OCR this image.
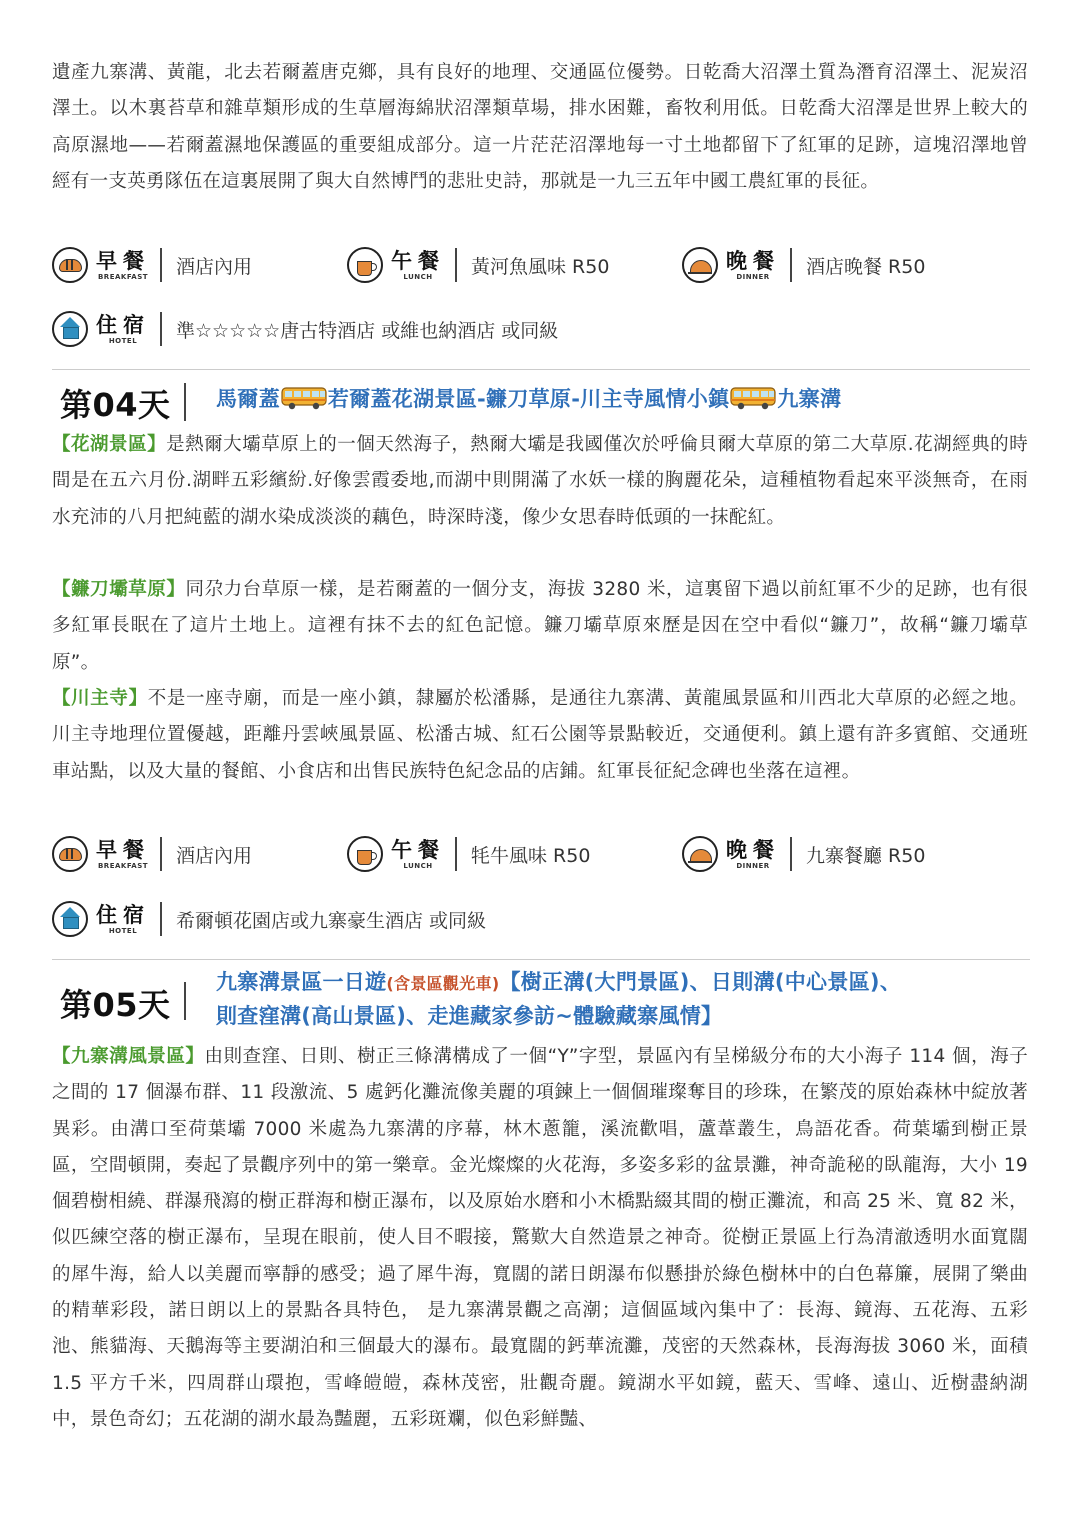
遺產九寨溝、黃龍，北去若爾蓋唐克鄉，具有良好的地理、交通區位優勢。日乾喬大沼澤土質為潛育沼澤土、泥炭沼澤土。以木裏苔草和雜草類形成的生草層海綿狀沼澤類草場，排水困難，畜牧利用低。日乾喬大沼澤是世界上較大的高原濕地——若爾蓋濕地保護區的重要組成部分。這一片茫茫沼澤地每一寸土地都留下了紅軍的足跡，這塊沼澤地曾經有一支英勇隊伍在這裏展開了與大自然博鬥的悲壯史詩，那就是一九三五年中國工農紅軍的長征。

早餐
BREAKFAST 酒店內用	午餐
LUNCH 黃河魚風味 R50	晚餐
DINNER 酒店晚餐 R50
住宿
HOTEL 準☆☆☆☆☆唐古特酒店 或維也納酒店 或同級
第04天 馬爾蓋 若爾蓋花湖景區-鐮刀草原-川主寺風情小鎮 九寨溝

【花湖景區】是熱爾大壩草原上的一個天然海子，熱爾大壩是我國僅次於呼倫貝爾大草原的第二大草原.花湖經典的時間是在五六月份.湖畔五彩繽紛.好像雲霞委地,而湖中則開滿了水妖一樣的胸麗花朵，這種植物看起來平淡無奇，在雨水充沛的八月把純藍的湖水染成淡淡的藕色，時深時淺，像少女思春時低頭的一抹酡紅。

【鐮刀壩草原】同尕力台草原一樣，是若爾蓋的一個分支，海拔 3280 米，這裏留下過以前紅軍不少的足跡，也有很多紅軍長眠在了這片土地上。這裡有抹不去的紅色記憶。鐮刀壩草原來歷是因在空中看似“鐮刀”，故稱“鐮刀壩草原”。

【川主寺】不是一座寺廟，而是一座小鎮，隸屬於松潘縣，是通往九寨溝、黃龍風景區和川西北大草原的必經之地。川主寺地理位置優越，距離丹雲峽風景區、松潘古城、紅石公園等景點較近，交通便利。鎮上還有許多賓館、交通班車站點，以及大量的餐館、小食店和出售民族特色紀念品的店鋪。紅軍長征紀念碑也坐落在這裡。

早餐
BREAKFAST 酒店內用	午餐
LUNCH 牦牛風味 R50	晚餐
DINNER 九寨餐廳 R50
住宿
HOTEL 希爾頓花園店或九寨豪生酒店 或同級
第05天
九寨溝景區一日遊(含景區觀光車)【樹正溝(大門景區)、日則溝(中心景區)、
則查窪溝(高山景區)、走進藏家參訪~體驗藏寨風情】

【九寨溝風景區】由則查窪、日則、樹正三條溝構成了一個“Y”字型，景區內有呈梯級分布的大小海子 114 個，海子之間的 17 個瀑布群、11 段激流、5 處鈣化灘流像美麗的項鍊上一個個璀璨奪目的珍珠，在繁茂的原始森林中綻放著異彩。由溝口至荷葉壩 7000 米處為九寨溝的序幕，林木蔥籠，溪流歡唱，蘆葦叢生，鳥語花香。荷葉壩到樹正景區，空間頓開，奏起了景觀序列中的第一樂章。金光燦燦的火花海，多姿多彩的盆景灘，神奇詭秘的臥龍海，大小 19 個碧樹相繞、群瀑飛瀉的樹正群海和樹正瀑布，以及原始水磨和小木橋點綴其間的樹正灘流，和高 25 米、寬 82 米，似匹練空落的樹正瀑布，呈現在眼前，使人目不暇接，驚歎大自然造景之神奇。從樹正景區上行為清澈透明水面寬闊的犀牛海，給人以美麗而寧靜的感受；過了犀牛海，寬闊的諾日朗瀑布似懸掛於綠色樹林中的白色幕簾，展開了樂曲的精華彩段，諾日朗以上的景點各具特色， 是九寨溝景觀之高潮；這個區域內集中了：長海、鏡海、五花海、五彩池、熊貓海、天鵝海等主要湖泊和三個最大的瀑布。最寬闊的鈣華流灘，茂密的天然森林，長海海拔 3060 米，面積 1.5 平方千米，四周群山環抱，雪峰皚皚，森林茂密，壯觀奇麗。鏡湖水平如鏡，藍天、雪峰、遠山、近樹盡納湖中，景色奇幻；五花湖的湖水最為豔麗，五彩斑斕，似色彩鮮豔、
